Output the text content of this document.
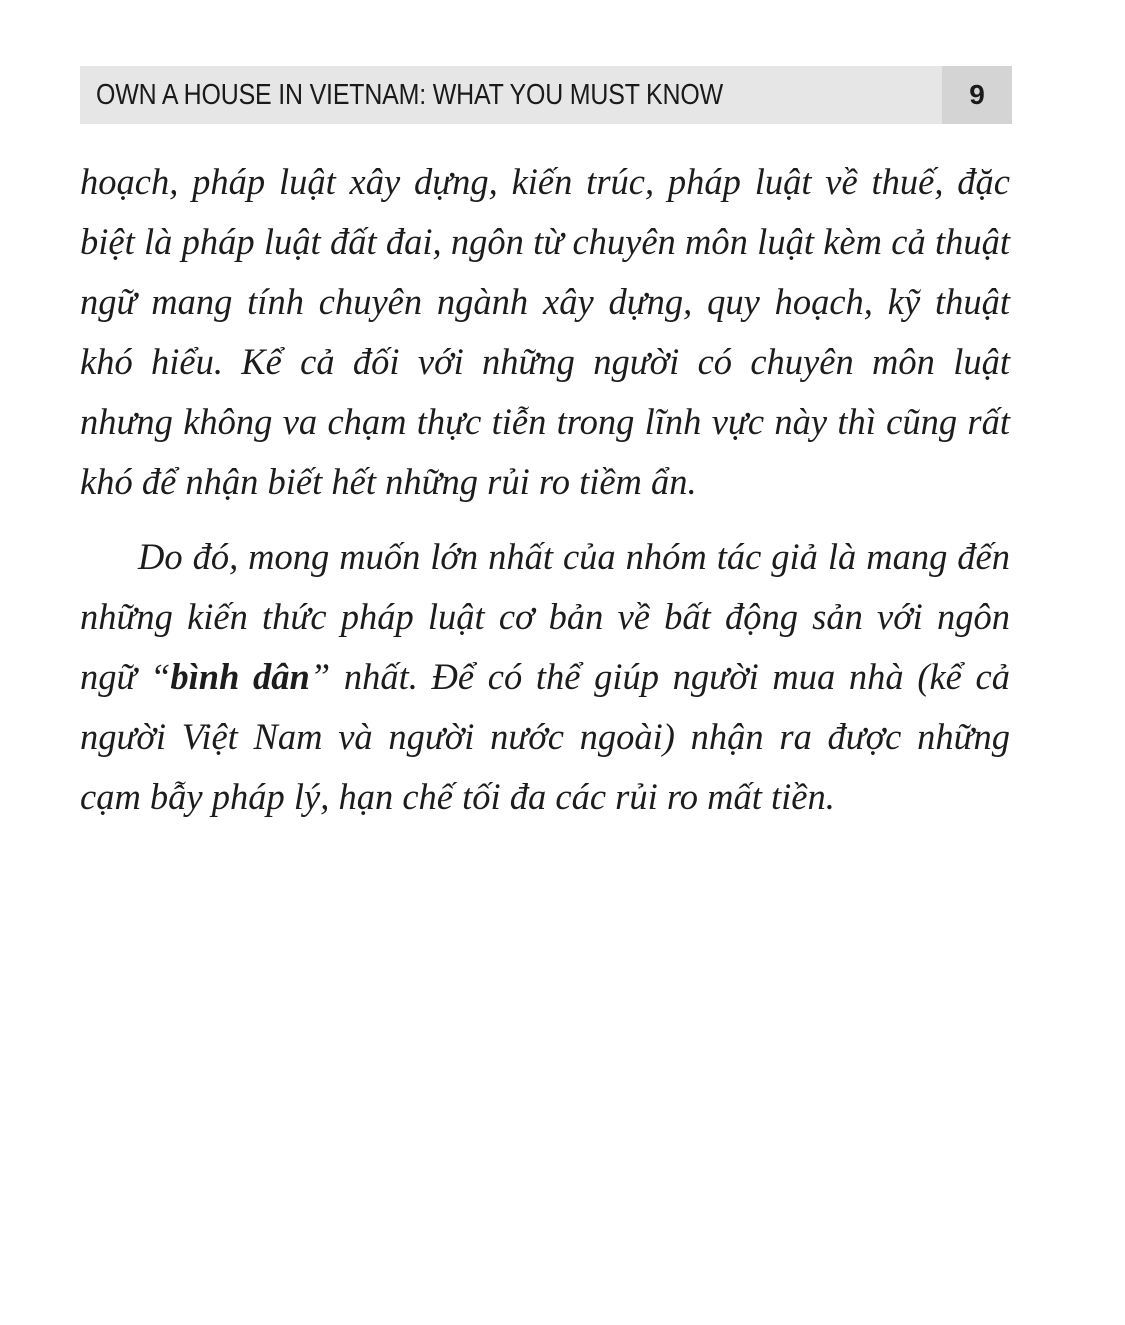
OWN A HOUSE IN VIETNAM: WHAT YOU MUST KNOW	9

hoạch, pháp luật xây dựng, kiến trúc, pháp luật về thuế, đặc biệt là pháp luật đất đai, ngôn từ chuyên môn luật kèm cả thuật ngữ mang tính chuyên ngành xây dựng, quy hoạch, kỹ thuật khó hiểu. Kể cả đối với những người có chuyên môn luật nhưng không va chạm thực tiễn trong lĩnh vực này thì cũng rất khó để nhận biết hết những rủi ro tiềm ẩn.

Do đó, mong muốn lớn nhất của nhóm tác giả là mang đến những kiến thức pháp luật cơ bản về bất động sản với ngôn ngữ “bình dân” nhất. Để có thể giúp người mua nhà (kể cả người Việt Nam và người nước ngoài) nhận ra được những cạm bẫy pháp lý, hạn chế tối đa các rủi ro mất tiền.
